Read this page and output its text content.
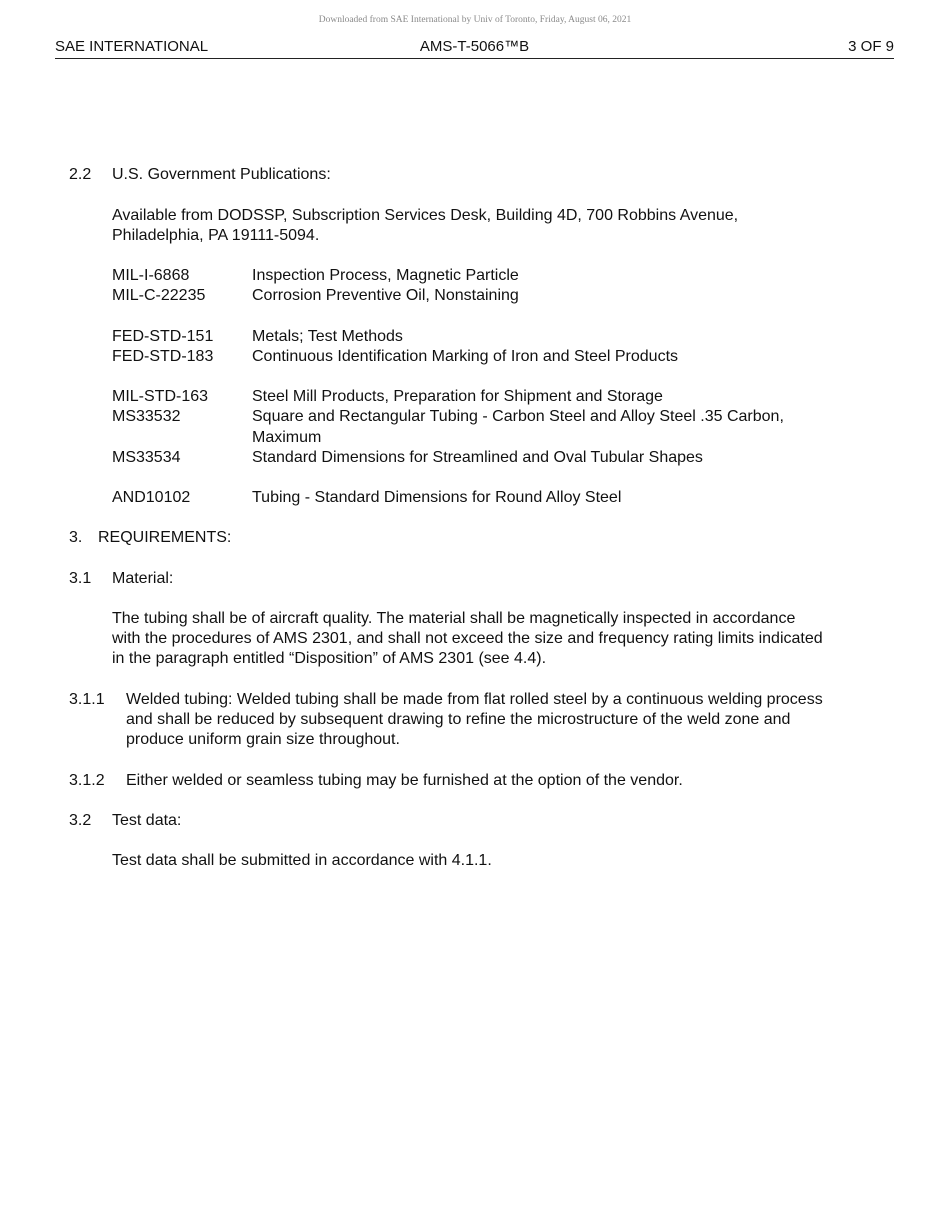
Downloaded from SAE International by Univ of Toronto, Friday, August 06, 2021
SAE INTERNATIONAL	AMS-T-5066™B	3 OF 9
2.2 U.S. Government Publications:
Available from DODSSP, Subscription Services Desk, Building 4D, 700 Robbins Avenue,
Philadelphia, PA 19111-5094.
MIL-I-6868	Inspection Process, Magnetic Particle
MIL-C-22235	Corrosion Preventive Oil, Nonstaining
FED-STD-151 Metals; Test Methods
FED-STD-183 Continuous Identification Marking of Iron and Steel Products
MIL-STD-163	Steel Mill Products, Preparation for Shipment and Storage
MS33532	Square and Rectangular Tubing - Carbon Steel and Alloy Steel .35 Carbon,
Maximum
MS33534	Standard Dimensions for Streamlined and Oval Tubular Shapes
AND10102	Tubing - Standard Dimensions for Round Alloy Steel
3. REQUIREMENTS:
3.1 Material:
The tubing shall be of aircraft quality. The material shall be magnetically inspected in accordance
with the procedures of AMS 2301, and shall not exceed the size and frequency rating limits indicated
in the paragraph entitled “Disposition” of AMS 2301 (see 4.4).
3.1.1 Welded tubing: Welded tubing shall be made from flat rolled steel by a continuous welding process
and shall be reduced by subsequent drawing to refine the microstructure of the weld zone and
produce uniform grain size throughout.
3.1.2 Either welded or seamless tubing may be furnished at the option of the vendor.
3.2 Test data:
Test data shall be submitted in accordance with 4.1.1.
